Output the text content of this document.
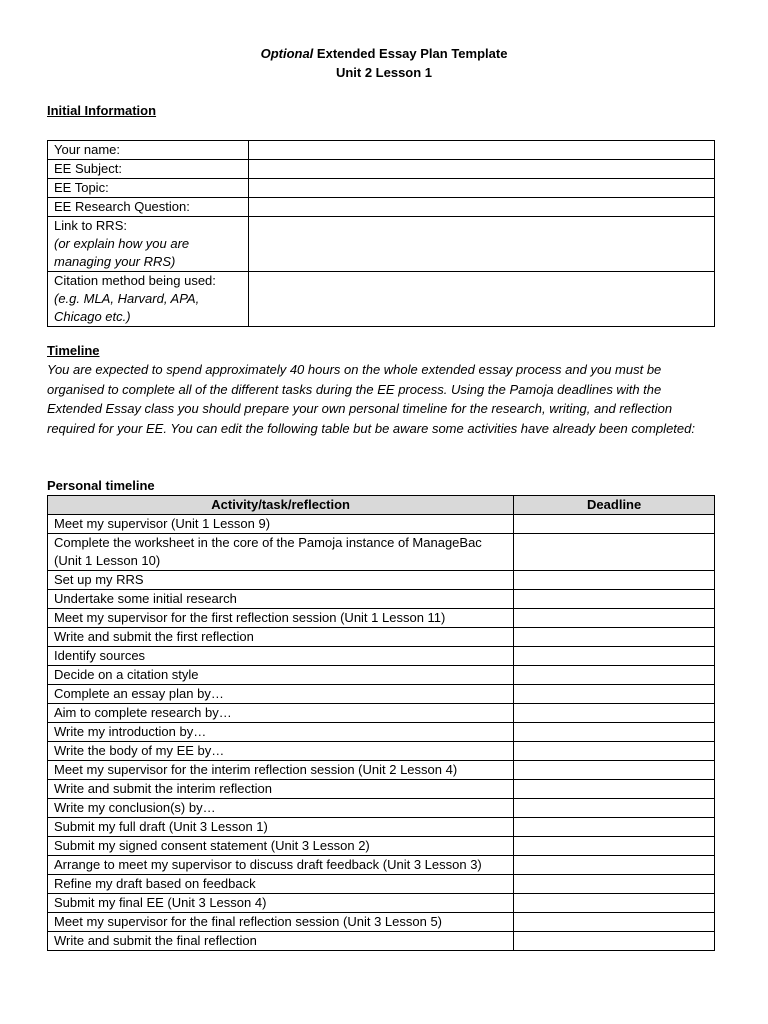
Optional Extended Essay Plan Template
Unit 2 Lesson 1
Initial Information
Your name:	
EE Subject:	
EE Topic:	
EE Research Question:	
Link to RRS:
(or explain how you are managing your RRS)	

Citation method being used:
(e.g. MLA, Harvard, APA, Chicago etc.)	

Timeline
You are expected to spend approximately 40 hours on the whole extended essay process and you must be organised to complete all of the different tasks during the EE process. Using the Pamoja deadlines with the Extended Essay class you should prepare your own personal timeline for the research, writing, and reflection required for your EE. You can edit the following table but be aware some activities have already been completed:
Personal timeline
Activity/task/reflection	Deadline
Meet my supervisor (Unit 1 Lesson 9)	
Complete the worksheet in the core of the Pamoja instance of ManageBac (Unit 1 Lesson 10)	
Set up my RRS	
Undertake some initial research	
Meet my supervisor for the first reflection session (Unit 1 Lesson 11)	
Write and submit the first reflection	
Identify sources	
Decide on a citation style	
Complete an essay plan by…	
Aim to complete research by…	
Write my introduction by…	
Write the body of my EE by…	
Meet my supervisor for the interim reflection session (Unit 2 Lesson 4)	
Write and submit the interim reflection	
Write my conclusion(s) by…	
Submit my full draft (Unit 3 Lesson 1)	
Submit my signed consent statement (Unit 3 Lesson 2)	
Arrange to meet my supervisor to discuss draft feedback (Unit 3 Lesson 3)	
Refine my draft based on feedback	
Submit my final EE (Unit 3 Lesson 4)	
Meet my supervisor for the final reflection session (Unit 3 Lesson 5)	
Write and submit the final reflection	
